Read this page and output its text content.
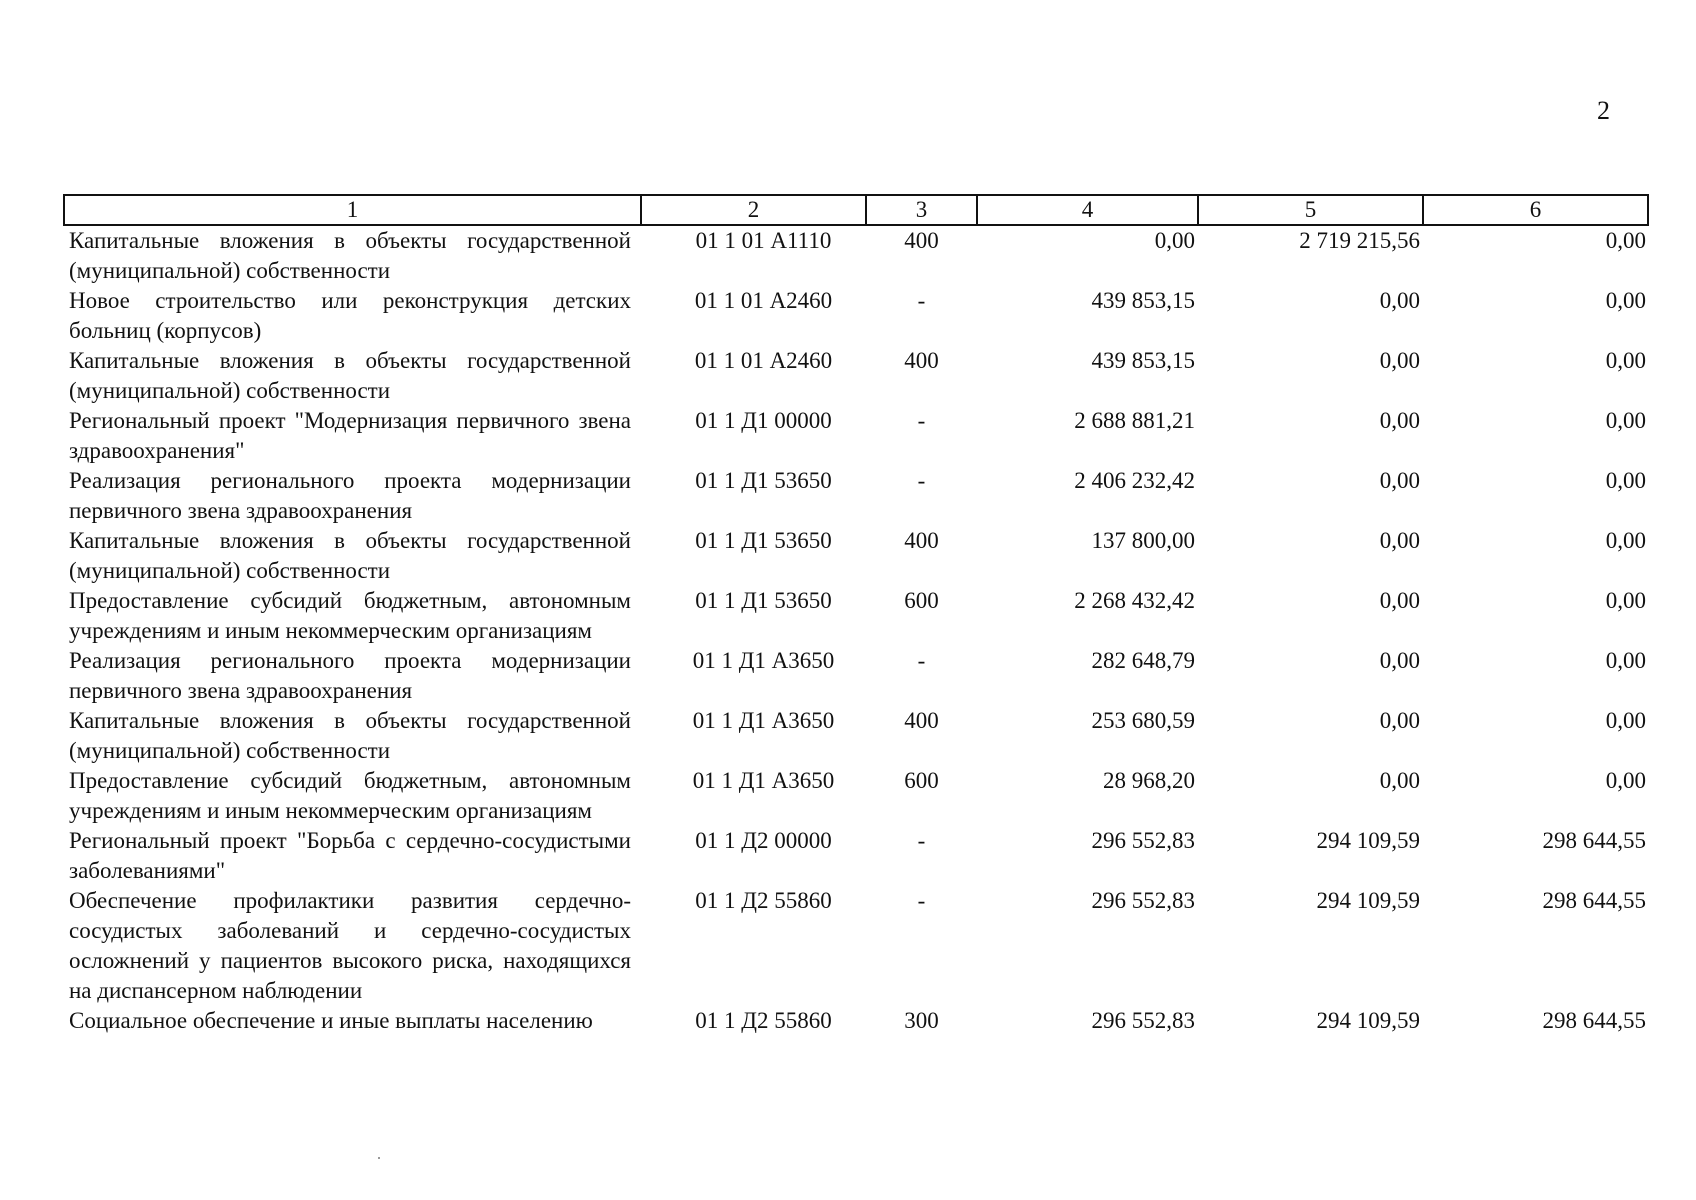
2
1	2	3	4	5	6
Капитальные вложения в объекты государственной (муниципальной) собственности	01 1 01 А1110	400	0,00	2 719 215,56	0,00
Новое строительство или реконструкция детских больниц (корпусов)	01 1 01 А2460	-	439 853,15	0,00	0,00
Капитальные вложения в объекты государственной (муниципальной) собственности	01 1 01 А2460	400	439 853,15	0,00	0,00
Региональный проект "Модернизация первичного звена здравоохранения"	01 1 Д1 00000	-	2 688 881,21	0,00	0,00
Реализация регионального проекта модернизации первичного звена здравоохранения	01 1 Д1 53650	-	2 406 232,42	0,00	0,00
Капитальные вложения в объекты государственной (муниципальной) собственности	01 1 Д1 53650	400	137 800,00	0,00	0,00
Предоставление субсидий бюджетным, автономным учреждениям и иным некоммерческим организациям	01 1 Д1 53650	600	2 268 432,42	0,00	0,00
Реализация регионального проекта модернизации первичного звена здравоохранения	01 1 Д1 А3650	-	282 648,79	0,00	0,00
Капитальные вложения в объекты государственной (муниципальной) собственности	01 1 Д1 А3650	400	253 680,59	0,00	0,00
Предоставление субсидий бюджетным, автономным учреждениям и иным некоммерческим организациям	01 1 Д1 А3650	600	28 968,20	0,00	0,00
Региональный проект "Борьба с сердечно-сосудистыми заболеваниями"	01 1 Д2 00000	-	296 552,83	294 109,59	298 644,55
Обеспечение профилактики развития сердечно-сосудистых заболеваний и сердечно-сосудистых осложнений у пациентов высокого риска, находящихся на диспансерном наблюдении	01 1 Д2 55860	-	296 552,83	294 109,59	298 644,55
Социальное обеспечение и иные выплаты населению	01 1 Д2 55860	300	296 552,83	294 109,59	298 644,55
